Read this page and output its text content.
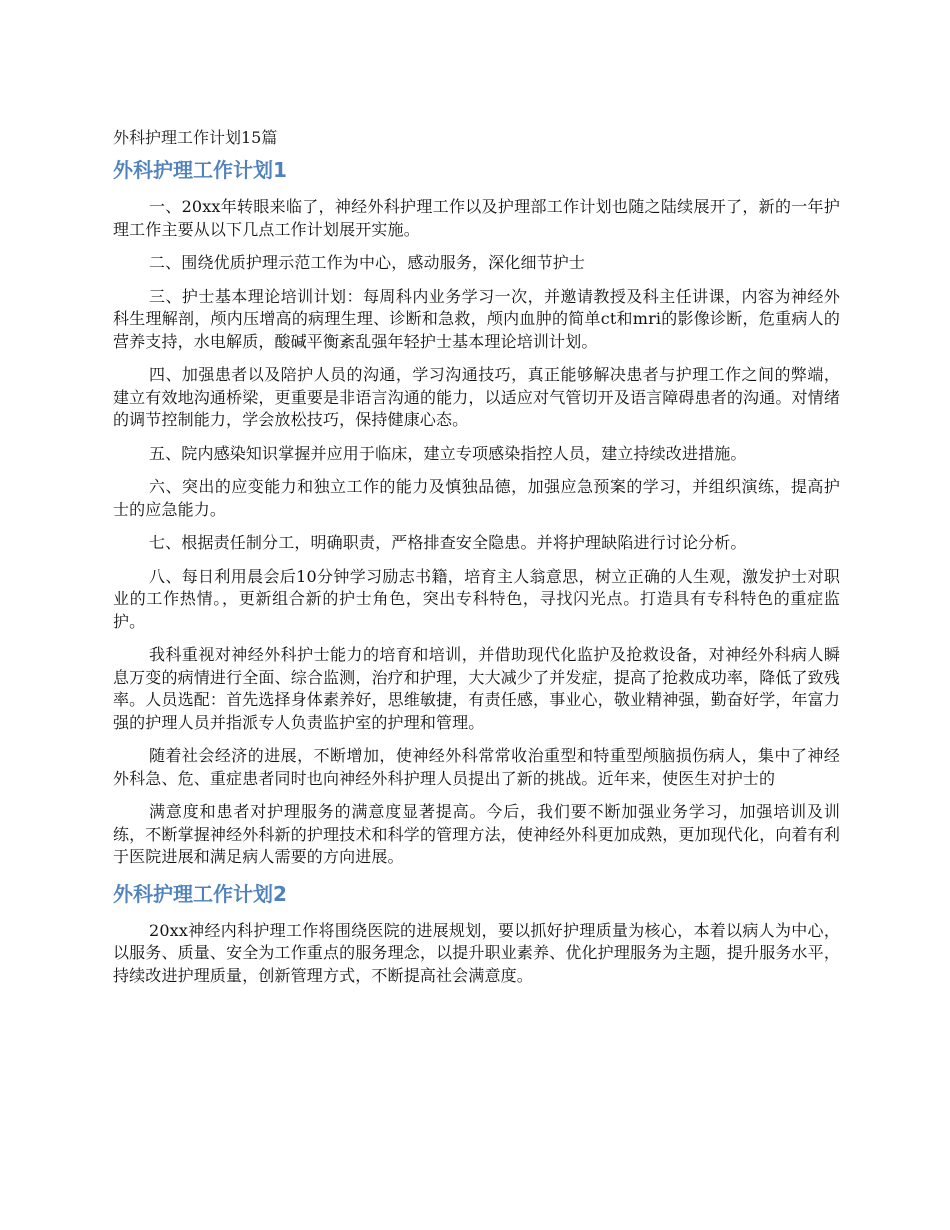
外科护理工作计划15篇
外科护理工作计划1

一、20xx年转眼来临了，神经外科护理工作以及护理部工作计划也随之陆续展开了，新的一年护理工作主要从以下几点工作计划展开实施。

二、围绕优质护理示范工作为中心，感动服务，深化细节护士

三、护士基本理论培训计划：每周科内业务学习一次，并邀请教授及科主任讲课，内容为神经外科生理解剖，颅内压增高的病理生理、诊断和急救，颅内血肿的简单ct和mri的影像诊断，危重病人的营养支持，水电解质，酸碱平衡紊乱强年轻护士基本理论培训计划。

四、加强患者以及陪护人员的沟通，学习沟通技巧，真正能够解决患者与护理工作之间的弊端，建立有效地沟通桥梁，更重要是非语言沟通的能力，以适应对气管切开及语言障碍患者的沟通。对情绪的调节控制能力，学会放松技巧，保持健康心态。

五、院内感染知识掌握并应用于临床，建立专项感染指控人员，建立持续改进措施。

六、突出的应变能力和独立工作的能力及慎独品德，加强应急预案的学习，并组织演练，提高护士的应急能力。

七、根据责任制分工，明确职责，严格排查安全隐患。并将护理缺陷进行讨论分析。

八、每日利用晨会后10分钟学习励志书籍，培育主人翁意思，树立正确的人生观，激发护士对职业的工作热情。，更新组合新的护士角色，突出专科特色，寻找闪光点。打造具有专科特色的重症监护。

我科重视对神经外科护士能力的培育和培训，并借助现代化监护及抢救设备，对神经外科病人瞬息万变的病情进行全面、综合监测，治疗和护理，大大减少了并发症，提高了抢救成功率，降低了致残率。人员选配：首先选择身体素养好，思维敏捷，有责任感，事业心，敬业精神强，勤奋好学，年富力强的护理人员并指派专人负责监护室的护理和管理。

随着社会经济的进展，不断增加，使神经外科常常收治重型和特重型颅脑损伤病人，集中了神经外科急、危、重症患者同时也向神经外科护理人员提出了新的挑战。近年来，使医生对护士的

满意度和患者对护理服务的满意度显著提高。今后，我们要不断加强业务学习，加强培训及训练，不断掌握神经外科新的护理技术和科学的管理方法，使神经外科更加成熟，更加现代化，向着有利于医院进展和满足病人需要的方向进展。

外科护理工作计划2

20xx神经内科护理工作将围绕医院的进展规划，要以抓好护理质量为核心，本着以病人为中心，以服务、质量、安全为工作重点的服务理念，以提升职业素养、优化护理服务为主题，提升服务水平，持续改进护理质量，创新管理方式，不断提高社会满意度。
